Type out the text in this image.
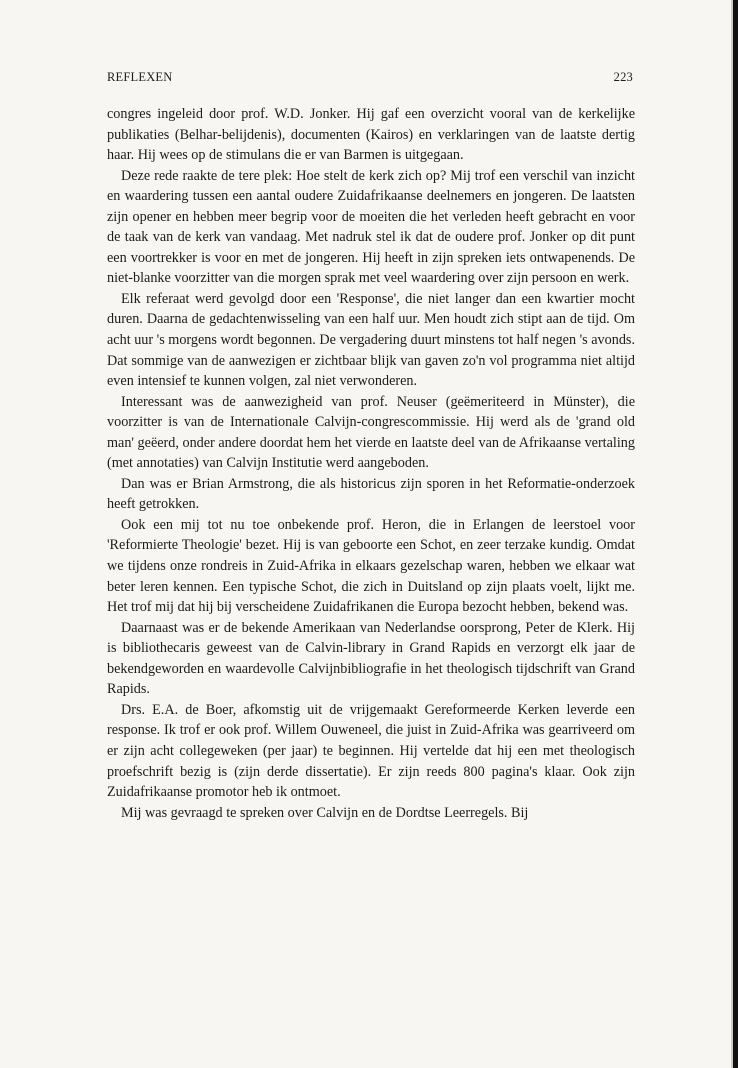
REFLEXEN	223

congres ingeleid door prof. W.D. Jonker. Hij gaf een overzicht vooral van de kerkelijke publikaties (Belhar-belijdenis), documenten (Kairos) en verklaringen van de laatste dertig haar. Hij wees op de stimulans die er van Barmen is uitgegaan.

Deze rede raakte de tere plek: Hoe stelt de kerk zich op? Mij trof een verschil van inzicht en waardering tussen een aantal oudere Zuidafrikaanse deelnemers en jongeren. De laatsten zijn opener en hebben meer begrip voor de moeiten die het verleden heeft gebracht en voor de taak van de kerk van vandaag. Met nadruk stel ik dat de oudere prof. Jonker op dit punt een voortrekker is voor en met de jongeren. Hij heeft in zijn spreken iets ontwapenends. De niet-blanke voorzitter van die morgen sprak met veel waardering over zijn persoon en werk.

Elk referaat werd gevolgd door een 'Response', die niet langer dan een kwartier mocht duren. Daarna de gedachtenwisseling van een half uur. Men houdt zich stipt aan de tijd. Om acht uur 's morgens wordt begonnen. De vergadering duurt minstens tot half negen 's avonds. Dat sommige van de aanwezigen er zichtbaar blijk van gaven zo'n vol programma niet altijd even intensief te kunnen volgen, zal niet verwonderen.

Interessant was de aanwezigheid van prof. Neuser (geëmeriteerd in Münster), die voorzitter is van de Internationale Calvijn-congrescommissie. Hij werd als de 'grand old man' geëerd, onder andere doordat hem het vierde en laatste deel van de Afrikaanse vertaling (met annotaties) van Calvijn Institutie werd aangeboden.

Dan was er Brian Armstrong, die als historicus zijn sporen in het Reformatie-onderzoek heeft getrokken.

Ook een mij tot nu toe onbekende prof. Heron, die in Erlangen de leerstoel voor 'Reformierte Theologie' bezet. Hij is van geboorte een Schot, en zeer terzake kundig. Omdat we tijdens onze rondreis in Zuid-Afrika in elkaars gezelschap waren, hebben we elkaar wat beter leren kennen. Een typische Schot, die zich in Duitsland op zijn plaats voelt, lijkt me. Het trof mij dat hij bij verscheidene Zuidafrikanen die Europa bezocht hebben, bekend was.

Daarnaast was er de bekende Amerikaan van Nederlandse oorsprong, Peter de Klerk. Hij is bibliothecaris geweest van de Calvin-library in Grand Rapids en verzorgt elk jaar de bekendgeworden en waardevolle Calvijnbibliografie in het theologisch tijdschrift van Grand Rapids.

Drs. E.A. de Boer, afkomstig uit de vrijgemaakt Gereformeerde Kerken leverde een response. Ik trof er ook prof. Willem Ouweneel, die juist in Zuid-Afrika was gearriveerd om er zijn acht collegeweken (per jaar) te beginnen. Hij vertelde dat hij een met theologisch proefschrift bezig is (zijn derde dissertatie). Er zijn reeds 800 pagina's klaar. Ook zijn Zuidafrikaanse promotor heb ik ontmoet.

Mij was gevraagd te spreken over Calvijn en de Dordtse Leerregels. Bij
